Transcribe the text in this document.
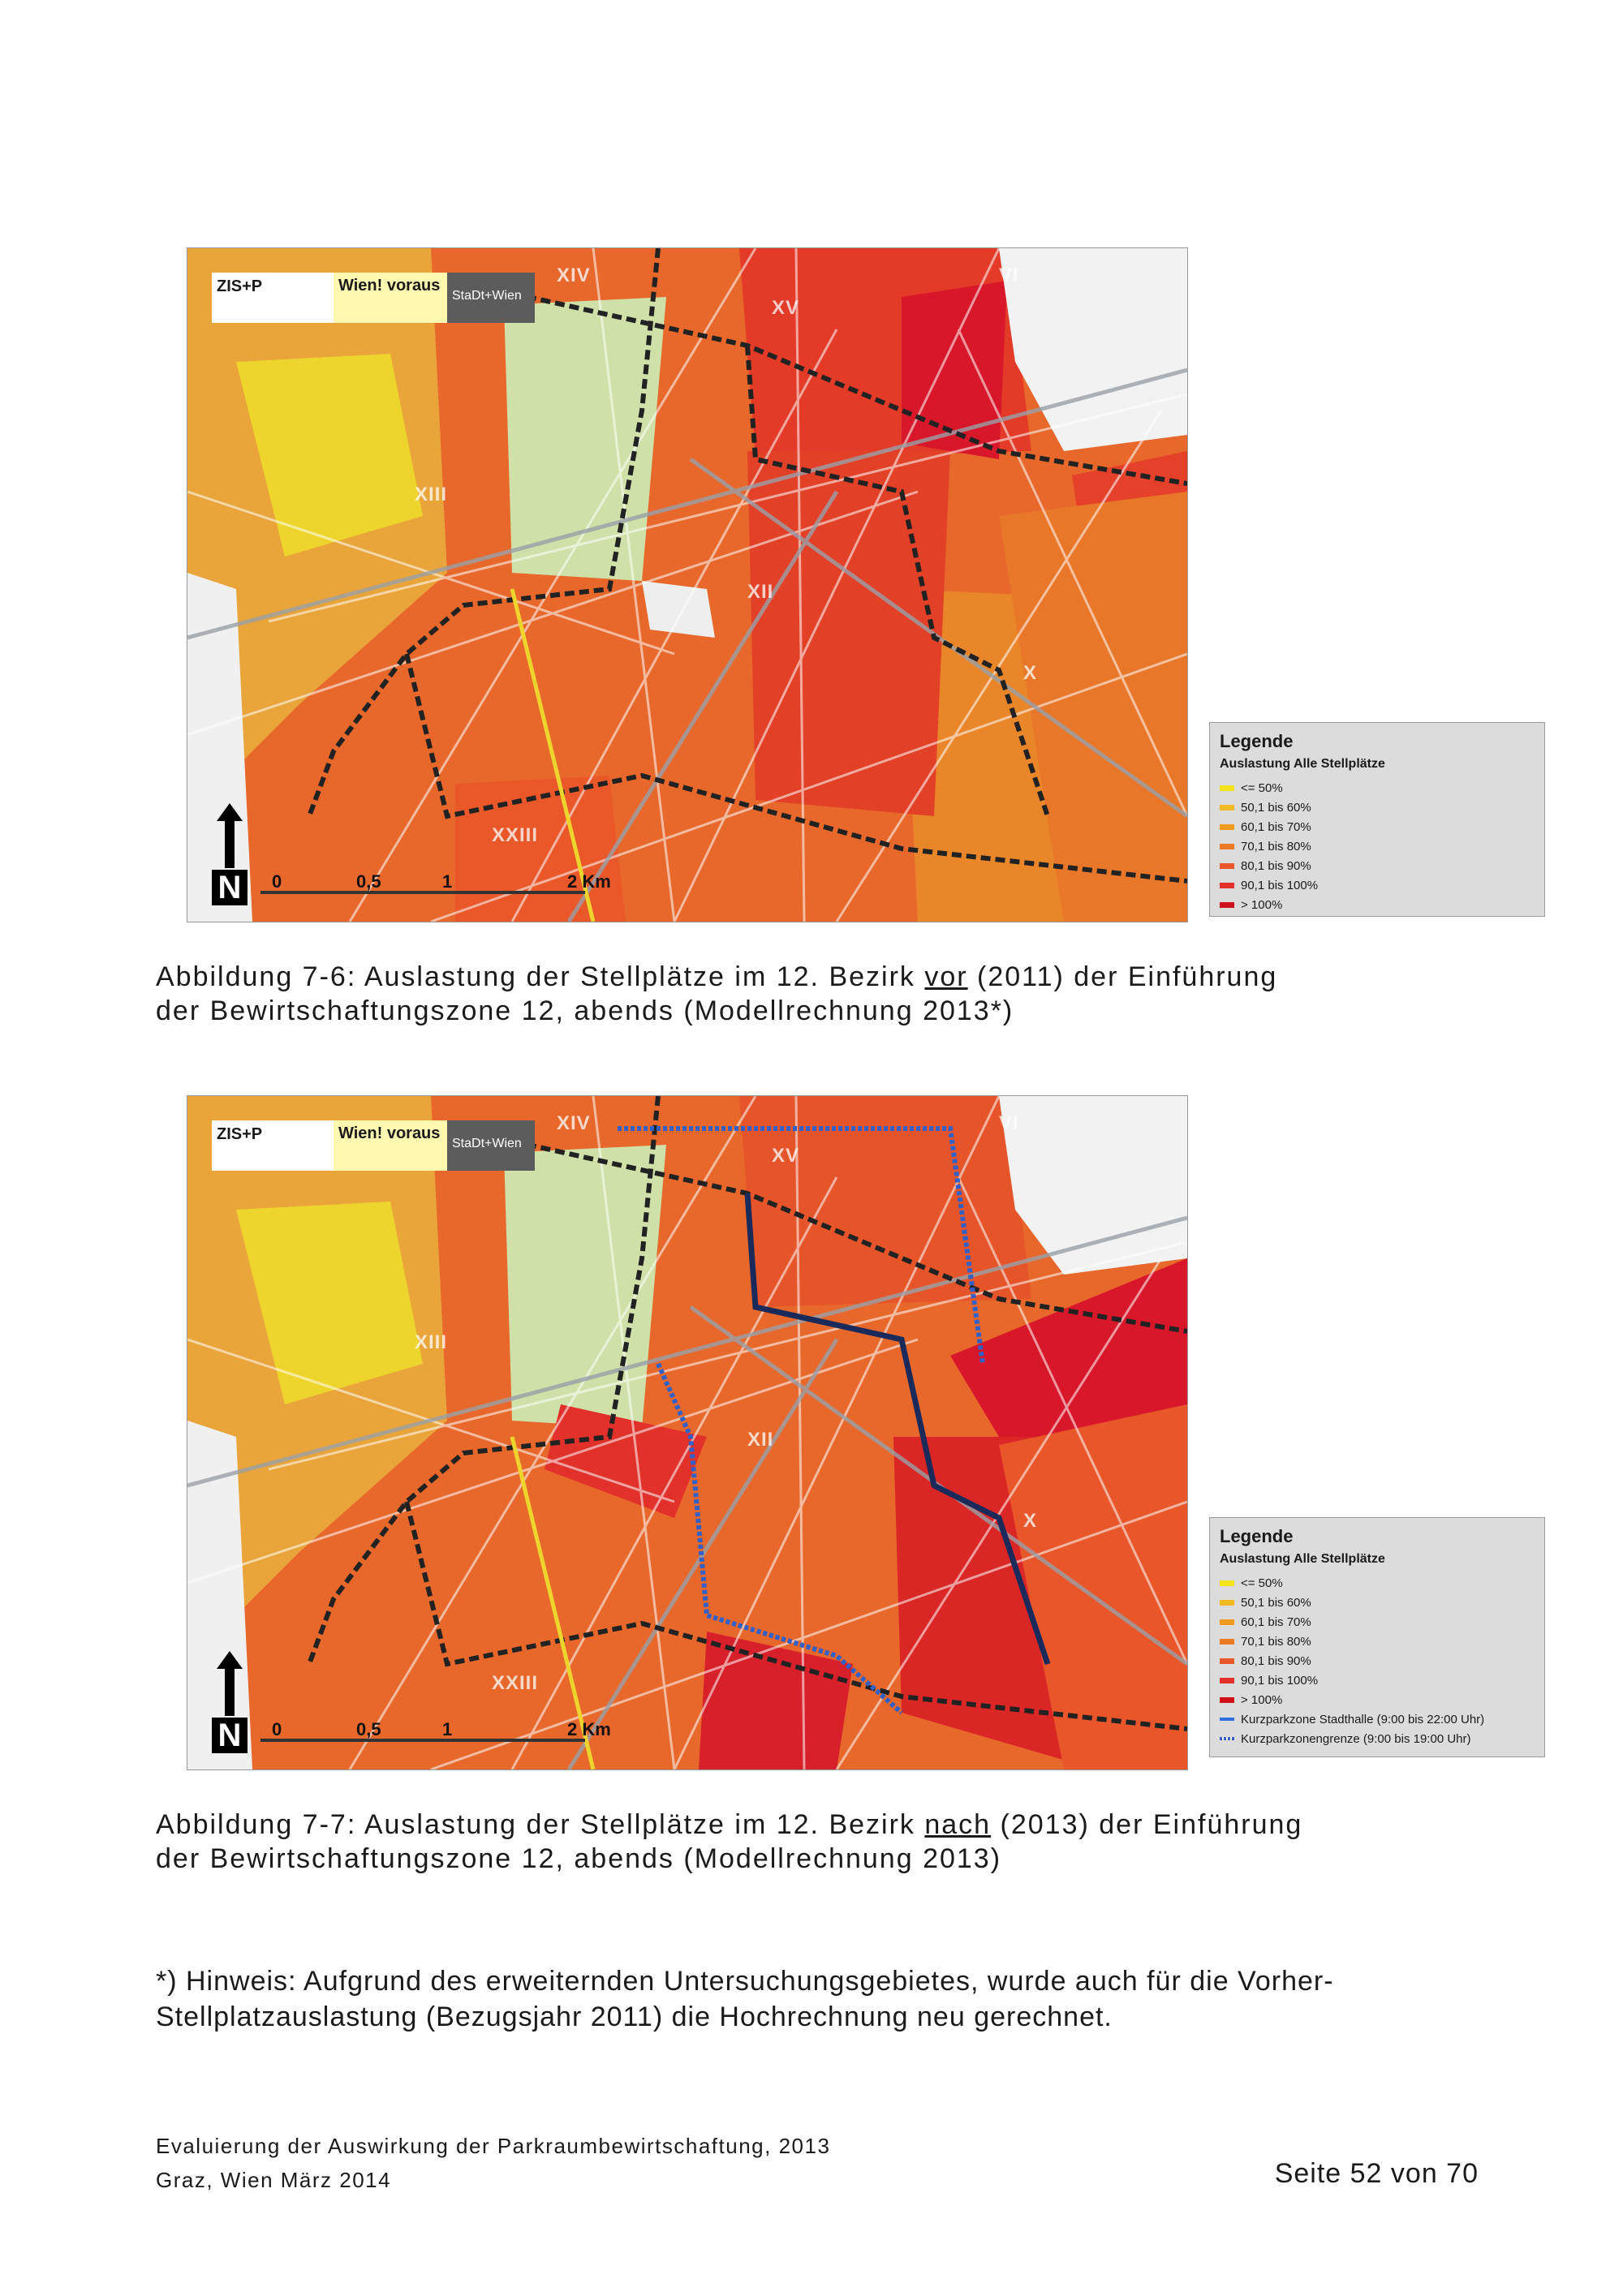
ZIS+P	Wien! voraus
StaDt+Wien
XIV
XV
VI
XIII
XII
X
XXIII
N	0	0,5	1	2 Km
Legende
Auslastung Alle Stellplätze
<= 50%
50,1 bis 60%
60,1 bis 70%
70,1 bis 80%
80,1 bis 90%
90,1 bis 100%
> 100%
Abbildung 7-6: Auslastung der Stellplätze im 12. Bezirk vor (2011) der Einführung
der Bewirtschaftungszone 12, abends (Modellrechnung 2013*)
ZIS+P	Wien! voraus
StaDt+Wien
XIV
XV
VI
XIII
XII
X
XXIII
N	0	0,5	1	2 Km
Legende
Auslastung Alle Stellplätze
<= 50%
50,1 bis 60%
60,1 bis 70%
70,1 bis 80%
80,1 bis 90%
90,1 bis 100%
> 100%
Kurzparkzone Stadthalle (9:00 bis 22:00 Uhr)
Kurzparkzonengrenze (9:00 bis 19:00 Uhr)
Abbildung 7-7: Auslastung der Stellplätze im 12. Bezirk nach (2013) der Einführung
der Bewirtschaftungszone 12, abends (Modellrechnung 2013)
*) Hinweis: Aufgrund des erweiternden Untersuchungsgebietes, wurde auch für die Vorher-
Stellplatzauslastung (Bezugsjahr 2011) die Hochrechnung neu gerechnet.
Evaluierung der Auswirkung der Parkraumbewirtschaftung, 2013
Graz, Wien März 2014	Seite 52 von 70
